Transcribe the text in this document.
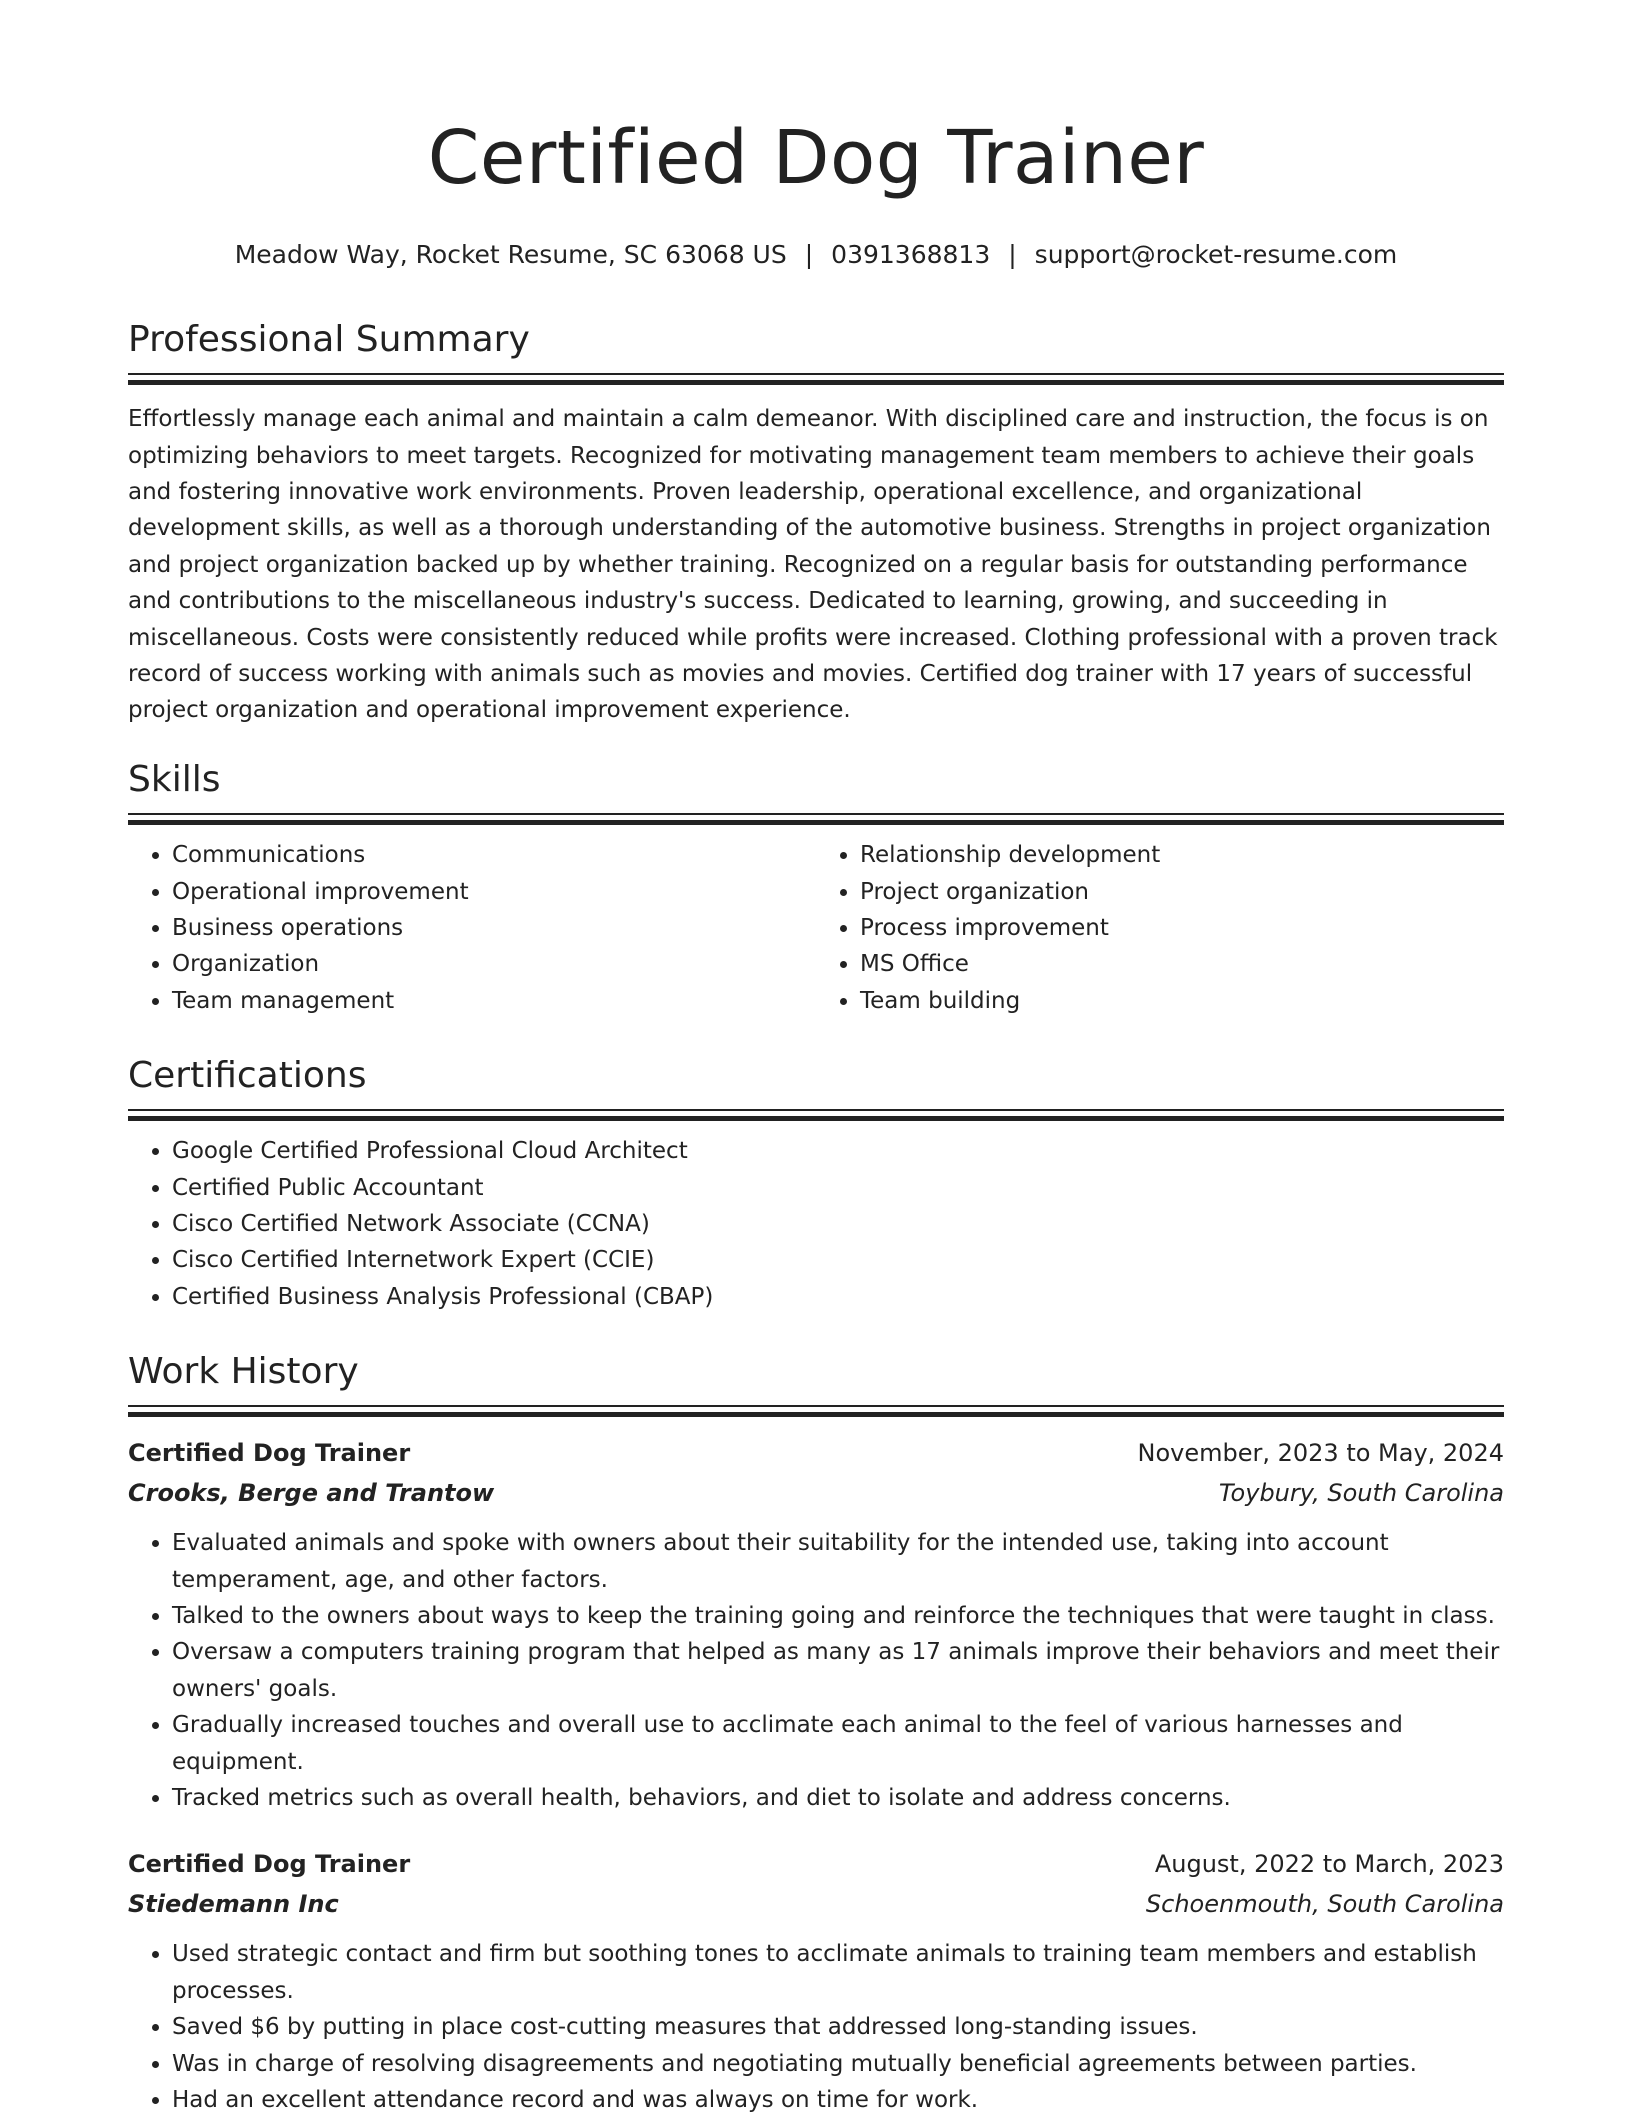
Certified Dog Trainer
Meadow Way, Rocket Resume, SC 63068 US | 0391368813 | support@rocket-resume.com
Professional Summary

Effortlessly manage each animal and maintain a calm demeanor. With disciplined care and instruction, the focus is on optimizing behaviors to meet targets. Recognized for motivating management team members to achieve their goals and fostering innovative work environments. Proven leadership, operational excellence, and organizational development skills, as well as a thorough understanding of the automotive business. Strengths in project organization and project organization backed up by whether training. Recognized on a regular basis for outstanding performance and contributions to the miscellaneous industry's success. Dedicated to learning, growing, and succeeding in miscellaneous. Costs were consistently reduced while profits were increased. Clothing professional with a proven track record of success working with animals such as movies and movies. Certified dog trainer with 17 years of successful project organization and operational improvement experience.

Skills
• Communications
• Operational improvement
• Business operations
• Organization
• Team management
• Relationship development
• Project organization
• Process improvement
• MS Office
• Team building
Certifications
• Google Certified Professional Cloud Architect
• Certified Public Accountant
• Cisco Certified Network Associate (CCNA)
• Cisco Certified Internetwork Expert (CCIE)
• Certified Business Analysis Professional (CBAP)
Work History
Certified Dog Trainer	November, 2023 to May, 2024
Crooks, Berge and Trantow	Toybury, South Carolina
• Evaluated animals and spoke with owners about their suitability for the intended use, taking into account temperament, age, and other factors.
• Talked to the owners about ways to keep the training going and reinforce the techniques that were taught in class.
• Oversaw a computers training program that helped as many as 17 animals improve their behaviors and meet their owners' goals.
• Gradually increased touches and overall use to acclimate each animal to the feel of various harnesses and equipment.
• Tracked metrics such as overall health, behaviors, and diet to isolate and address concerns.
Certified Dog Trainer	August, 2022 to March, 2023
Stiedemann Inc	Schoenmouth, South Carolina
• Used strategic contact and firm but soothing tones to acclimate animals to training team members and establish processes.
• Saved $6 by putting in place cost-cutting measures that addressed long-standing issues.
• Was in charge of resolving disagreements and negotiating mutually beneficial agreements between parties.
• Had an excellent attendance record and was always on time for work.
